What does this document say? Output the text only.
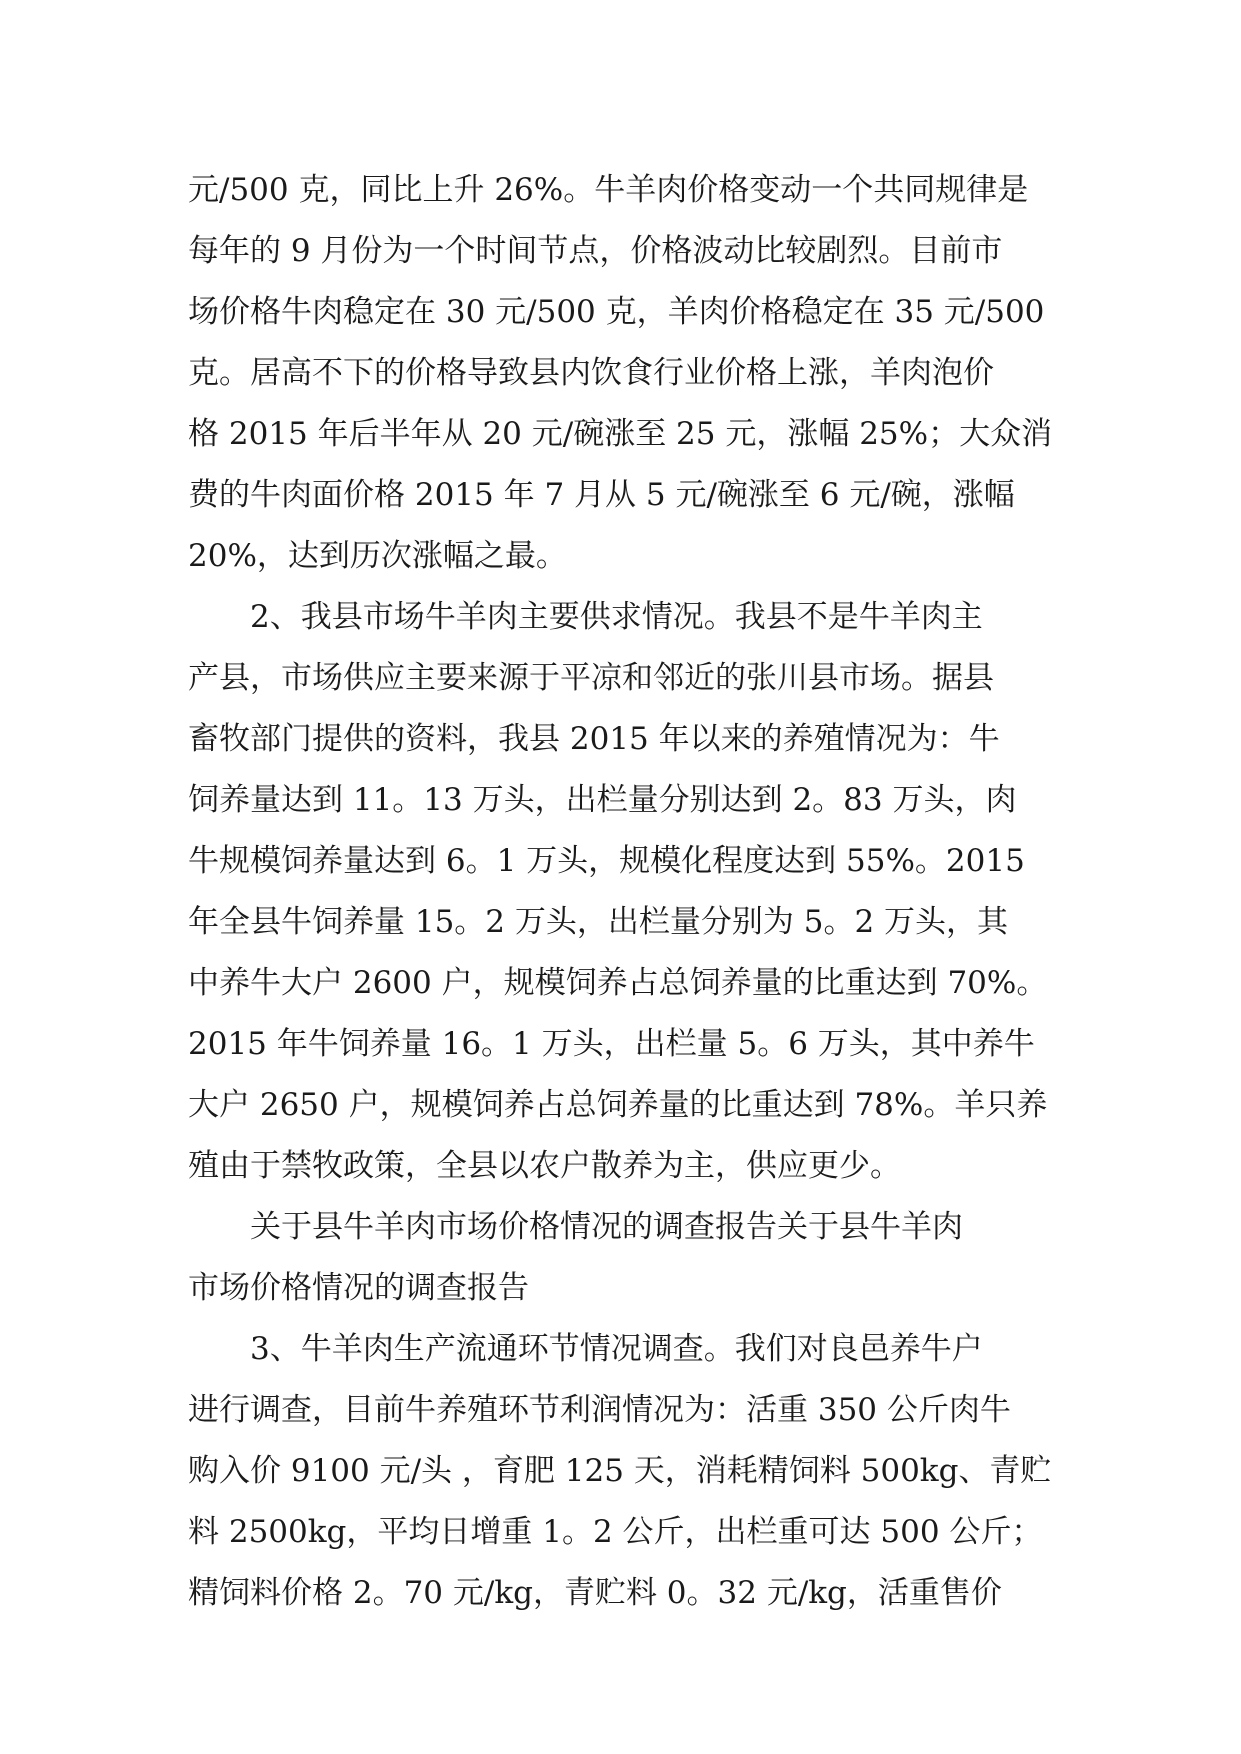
元/500 克，同比上升 26%。牛羊肉价格变动一个共同规律是
每年的 9 月份为一个时间节点，价格波动比较剧烈。目前市
场价格牛肉稳定在 30 元/500 克，羊肉价格稳定在 35 元/500
克。居高不下的价格导致县内饮食行业价格上涨，羊肉泡价
格 2015 年后半年从 20 元/碗涨至 25 元，涨幅 25%；大众消
费的牛肉面价格 2015 年 7 月从 5 元/碗涨至 6 元/碗，涨幅
20%，达到历次涨幅之最。
2、我县市场牛羊肉主要供求情况。我县不是牛羊肉主
产县，市场供应主要来源于平凉和邻近的张川县市场。据县
畜牧部门提供的资料，我县 2015 年以来的养殖情况为：牛
饲养量达到 11。13 万头，出栏量分别达到 2。83 万头，肉
牛规模饲养量达到 6。1 万头，规模化程度达到 55%。2015
年全县牛饲养量 15。2 万头，出栏量分别为 5。2 万头，其
中养牛大户 2600 户，规模饲养占总饲养量的比重达到 70%。
2015 年牛饲养量 16。1 万头，出栏量 5。6 万头，其中养牛
大户 2650 户，规模饲养占总饲养量的比重达到 78%。羊只养
殖由于禁牧政策，全县以农户散养为主，供应更少。
关于县牛羊肉市场价格情况的调查报告关于县牛羊肉
市场价格情况的调查报告
3、牛羊肉生产流通环节情况调查。我们对良邑养牛户
进行调查，目前牛养殖环节利润情况为：活重 350 公斤肉牛
购入价 9100 元/头 ，育肥 125 天，消耗精饲料 500kg、青贮
料 2500kg，平均日增重 1。2 公斤，出栏重可达 500 公斤；
精饲料价格 2。70 元/kg，青贮料 0。32 元/kg，活重售价
